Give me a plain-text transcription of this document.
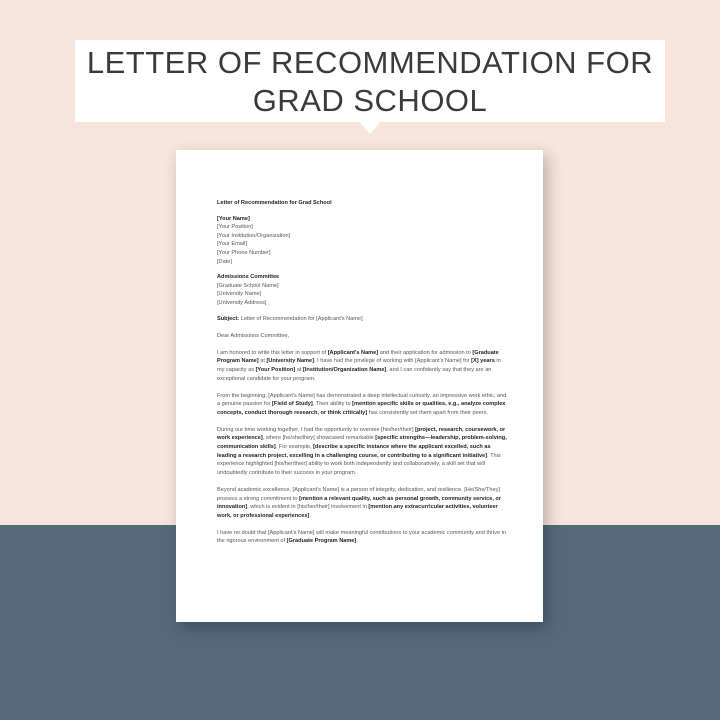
LETTER OF RECOMMENDATION FOR
GRAD SCHOOL
Letter of Recommendation for Grad School
[Your Name]
[Your Position]
[Your Institution/Organization]
[Your Email]
[Your Phone Number]
[Date]
Admissions Committee
[Graduate School Name]
[University Name]
[University Address]

Subject: Letter of Recommendation for [Applicant's Name]

Dear Admissions Committee,

I am honored to write this letter in support of [Applicant's Name] and their application for admission to [Graduate Program Name] at [University Name]. I have had the privilege of working with [Applicant's Name] for [X] years in my capacity as [Your Position] at [Institution/Organization Name], and I can confidently say that they are an exceptional candidate for your program.

From the beginning, [Applicant's Name] has demonstrated a deep intellectual curiosity, an impressive work ethic, and a genuine passion for [Field of Study]. Their ability to [mention specific skills or qualities, e.g., analyze complex concepts, conduct thorough research, or think critically] has consistently set them apart from their peers.

During our time working together, I had the opportunity to oversee [his/her/their] [project, research, coursework, or work experience], where [he/she/they] showcased remarkable [specific strengths—leadership, problem-solving, communication skills]. For example, [describe a specific instance where the applicant excelled, such as leading a research project, excelling in a challenging course, or contributing to a significant initiative]. This experience highlighted [his/her/their] ability to work both independently and collaboratively, a skill set that will undoubtedly contribute to their success in your program.

Beyond academic excellence, [Applicant's Name] is a person of integrity, dedication, and resilience. [He/She/They] possess a strong commitment to [mention a relevant quality, such as personal growth, community service, or innovation], which is evident in [his/her/their] involvement in [mention any extracurricular activities, volunteer work, or professional experiences].

I have no doubt that [Applicant's Name] will make meaningful contributions to your academic community and thrive in the rigorous environment of [Graduate Program Name].
